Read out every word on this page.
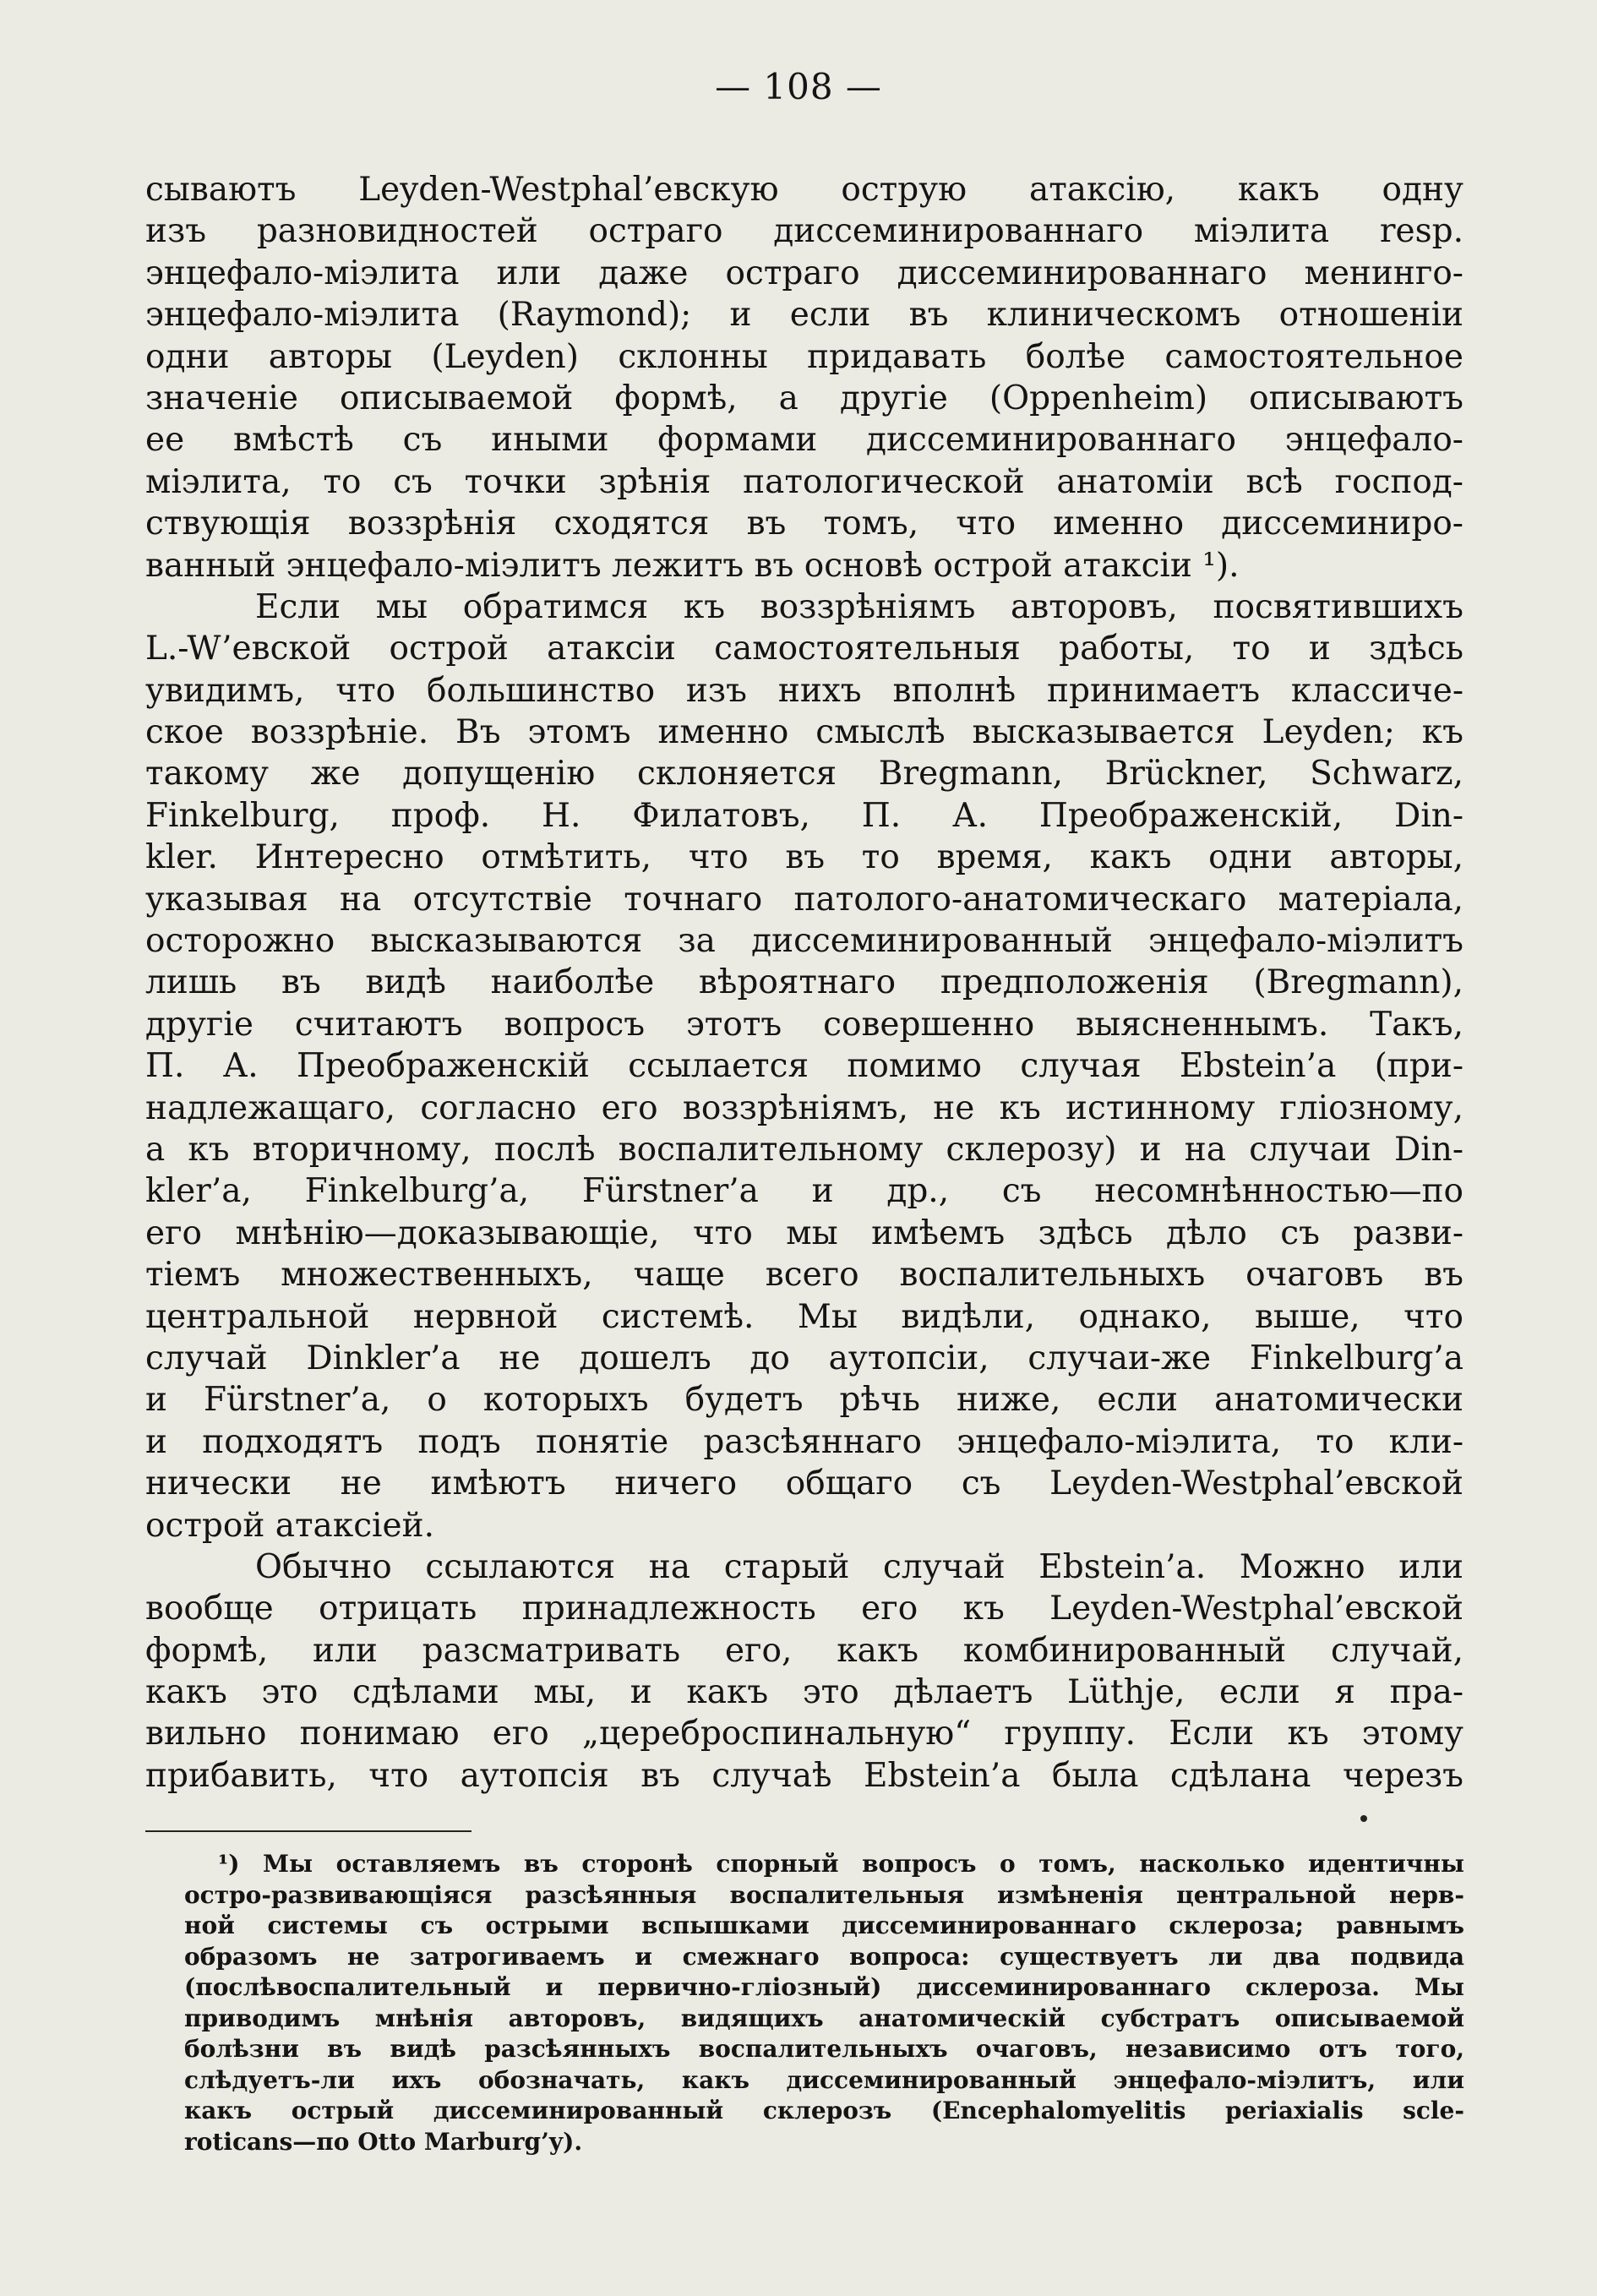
— 108 —
сываютъ Leyden-Westphal’евскую острую атаксію, какъ одну
изъ разновидностей остраго диссеминированнаго міэлита resp.
энцефало-міэлита или даже остраго диссеминированнаго менинго-
энцефало-міэлита (Raymond); и если въ клиническомъ отношеніи
одни авторы (Leyden) склонны придавать болѣе самостоятельное
значеніе описываемой формѣ, а другіе (Oppenheim) описываютъ
ее вмѣстѣ съ иными формами диссеминированнаго энцефало-
міэлита, то съ точки зрѣнія патологической анатоміи всѣ господ-
ствующія воззрѣнія сходятся въ томъ, что именно диссеминиро-
ванный энцефало-міэлитъ лежитъ въ основѣ острой атаксіи ¹).
Если мы обратимся къ воззрѣніямъ авторовъ, посвятившихъ
L.-W’евской острой атаксіи самостоятельныя работы, то и здѣсь
увидимъ, что большинство изъ нихъ вполнѣ принимаетъ классиче-
ское воззрѣніе. Въ этомъ именно смыслѣ высказывается Leyden; къ
такому же допущенію склоняется Bregmann, Brückner, Schwarz,
Finkelburg, проф. Н. Филатовъ, П. А. Преображенскій, Din-
kler. Интересно отмѣтить, что въ то время, какъ одни авторы,
указывая на отсутствіе точнаго патолого-анатомическаго матеріала,
осторожно высказываются за диссеминированный энцефало-міэлитъ
лишь въ видѣ наиболѣе вѣроятнаго предположенія (Bregmann),
другіе считаютъ вопросъ этотъ совершенно выясненнымъ. Такъ,
П. А. Преображенскій ссылается помимо случая Ebstein’a (при-
надлежащаго, согласно его воззрѣніямъ, не къ истинному гліозному,
а къ вторичному, послѣ воспалительному склерозу) и на случаи Din-
kler’a, Finkelburg’a, Fürstner’a и др., съ несомнѣнностью—по
его мнѣнію—доказывающіе, что мы имѣемъ здѣсь дѣло съ разви-
тіемъ множественныхъ, чаще всего воспалительныхъ очаговъ въ
центральной нервной системѣ. Мы видѣли, однако, выше, что
случай Dinkler’a не дошелъ до аутопсіи, случаи-же Finkelburg’a
и Fürstner’a, о которыхъ будетъ рѣчь ниже, если анатомически
и подходятъ подъ понятіе разсѣяннаго энцефало-міэлита, то кли-
нически не имѣютъ ничего общаго съ Leyden-Westphal’евской
острой атаксіей.
Обычно ссылаются на старый случай Ebstein’a. Можно или
вообще отрицать принадлежность его къ Leyden-Westphal’евской
формѣ, или разсматривать его, какъ комбинированный случай,
какъ это сдѣлами мы, и какъ это дѣлаетъ Lüthje, если я пра-
вильно понимаю его „цереброспинальную“ группу. Если къ этому
прибавить, что аутопсія въ случаѣ Ebstein’a была сдѣлана черезъ
¹) Мы оставляемъ въ сторонѣ спорный вопросъ о томъ, насколько идентичны
остро-развивающіяся разсѣянныя воспалительныя измѣненія центральной нерв-
ной системы съ острыми вспышками диссеминированнаго склероза; равнымъ
образомъ не затрогиваемъ и смежнаго вопроса: существуетъ ли два подвида
(послѣвоспалительный и первично-гліозный) диссеминированнаго склероза. Мы
приводимъ мнѣнія авторовъ, видящихъ анатомическій субстратъ описываемой
болѣзни въ видѣ разсѣянныхъ воспалительныхъ очаговъ, независимо отъ того,
слѣдуетъ-ли ихъ обозначать, какъ диссеминированный энцефало-міэлитъ, или
какъ острый диссеминированный склерозъ (Encephalomyelitis periaxialis scle-
roticans—по Otto Marburg’y).
